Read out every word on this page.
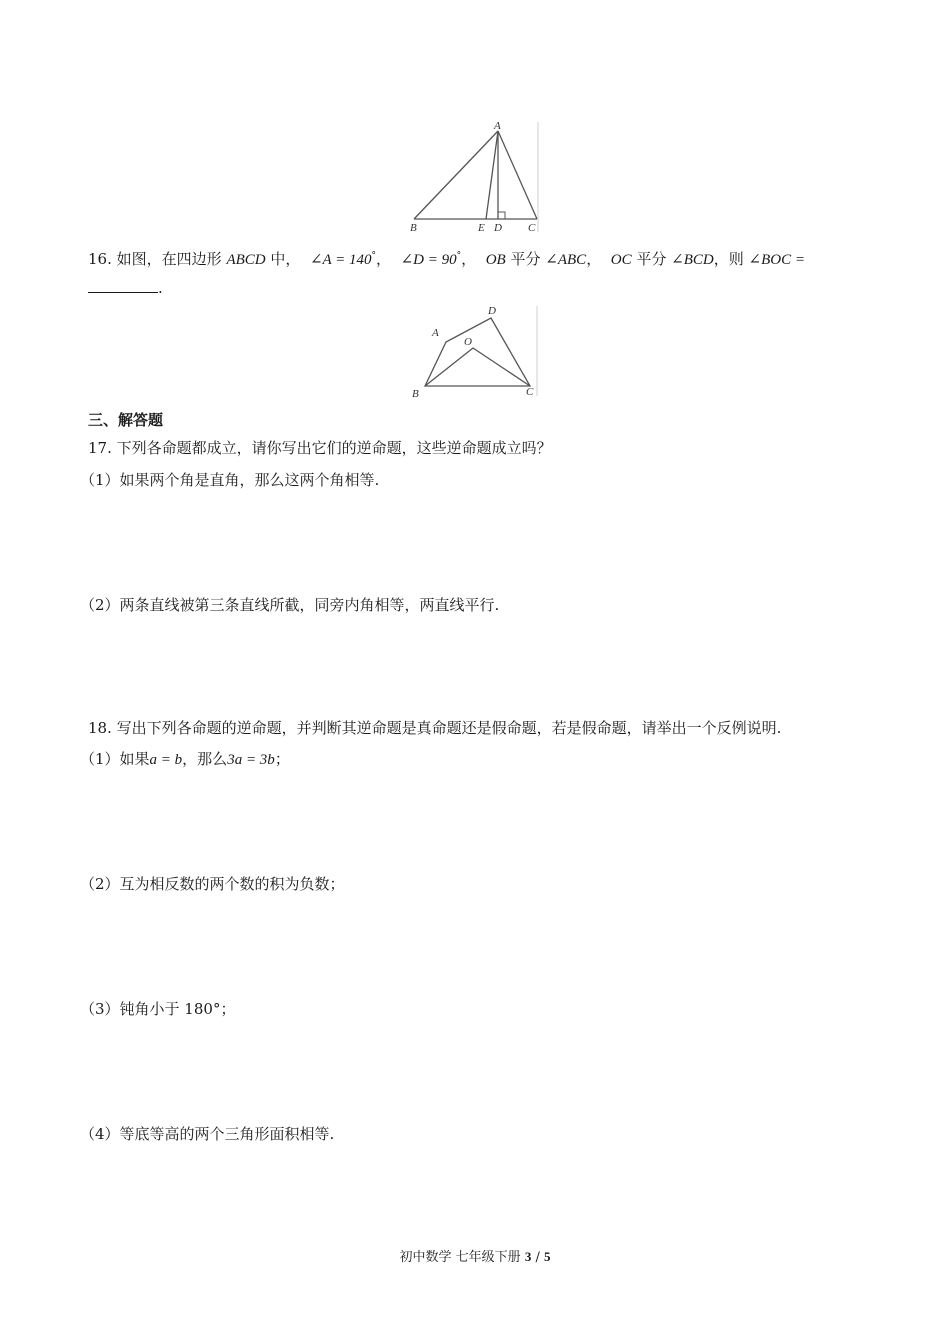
A
B	E D C
16. 如图，在四边形 ABCD 中， ∠A = 140°， ∠D = 90°， OB 平分 ∠ABC， OC 平分 ∠BCD，则 ∠BOC =
.
A
D
O
B	C
三、解答题
17. 下列各命题都成立，请你写出它们的逆命题，这些逆命题成立吗？
（1）如果两个角是直角，那么这两个角相等.
（2）两条直线被第三条直线所截，同旁内角相等，两直线平行.
18. 写出下列各命题的逆命题，并判断其逆命题是真命题还是假命题，若是假命题，请举出一个反例说明.
（1）如果a = b，那么3a = 3b；
（2）互为相反数的两个数的积为负数；
（3）钝角小于 180°；
（4）等底等高的两个三角形面积相等.
初中数学 七年级下册 3 / 5
